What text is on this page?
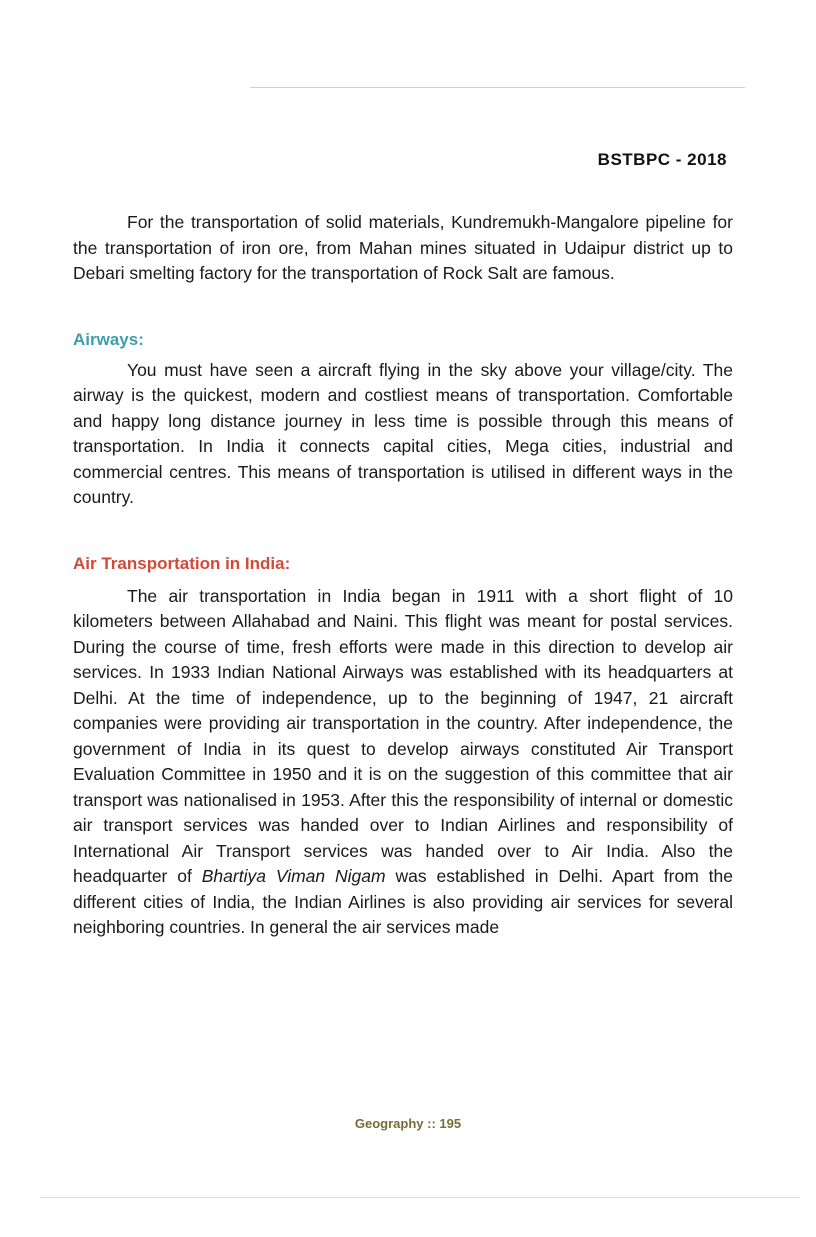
BSTBPC - 2018

For the transportation of solid materials, Kundremukh-Mangalore pipeline for the transportation of iron ore, from Mahan mines situated in Udaipur district up to Debari smelting factory for the transportation of Rock Salt are famous.

Airways:

You must have seen a aircraft flying in the sky above your village/city. The airway is the quickest, modern and costliest means of transportation. Comfortable and happy long distance journey in less time is possible through this means of transportation. In India it connects capital cities, Mega cities, industrial and commercial centres. This means of transportation is utilised in different ways in the country.

Air Transportation in India:

The air transportation in India began in 1911 with a short flight of 10 kilometers between Allahabad and Naini. This flight was meant for postal services. During the course of time, fresh efforts were made in this direction to develop air services. In 1933 Indian National Airways was established with its headquarters at Delhi. At the time of independence, up to the beginning of 1947, 21 aircraft companies were providing air transportation in the country. After independence, the government of India in its quest to develop airways constituted Air Transport Evaluation Committee in 1950 and it is on the suggestion of this committee that air transport was nationalised in 1953. After this the responsibility of internal or domestic air transport services was handed over to Indian Airlines and responsibility of International Air Transport services was handed over to Air India. Also the headquarter of Bhartiya Viman Nigam was established in Delhi. Apart from the different cities of India, the Indian Airlines is also providing air services for several neighboring countries. In general the air services made

Geography :: 195
